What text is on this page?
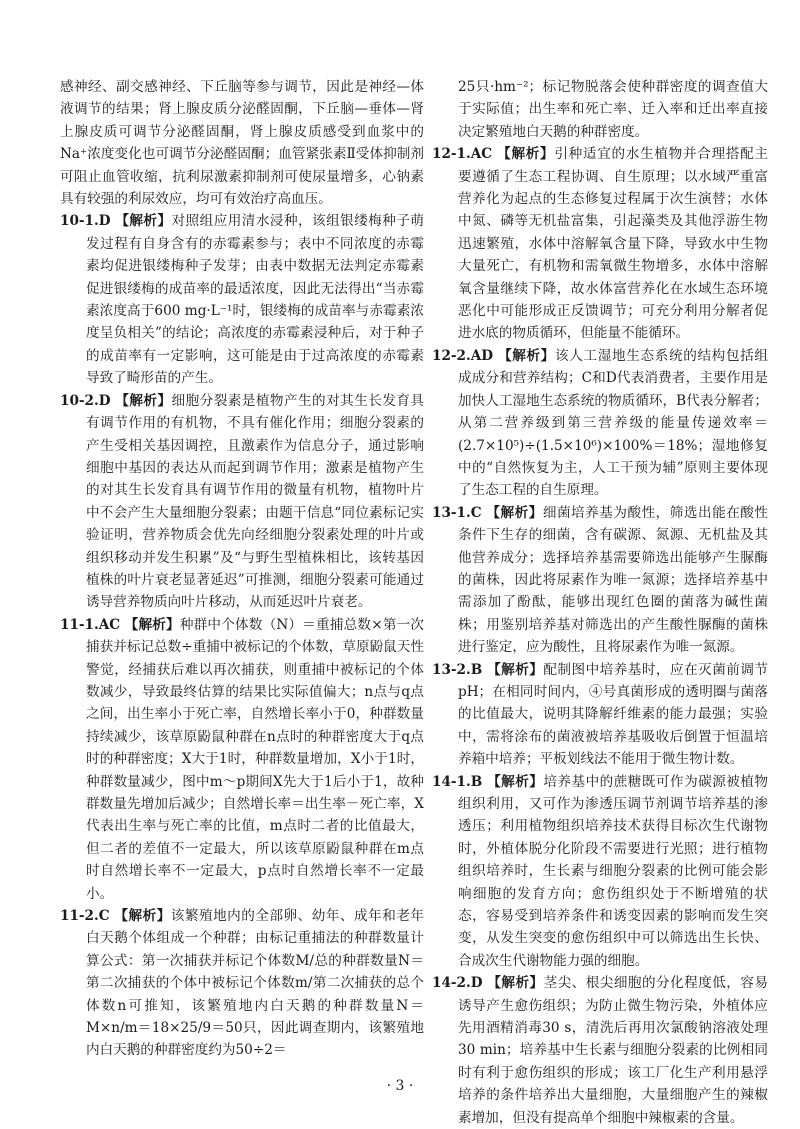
感神经、副交感神经、下丘脑等参与调节，因此是神经—体液调节的结果；肾上腺皮质分泌醛固酮，下丘脑—垂体—肾上腺皮质可调节分泌醛固酮，肾上腺皮质感受到血浆中的Na⁺浓度变化也可调节分泌醛固酮；血管紧张素Ⅱ受体抑制剂可阻止血管收缩，抗利尿激素抑制剂可使尿量增多，心钠素具有较强的利尿效应，均可有效治疗高血压。
10-1.D 【解析】对照组应用清水浸种，该组银缕梅种子萌发过程有自身含有的赤霉素参与；表中不同浓度的赤霉素均促进银缕梅种子发芽；由表中数据无法判定赤霉素促进银缕梅的成苗率的最适浓度，因此无法得出“当赤霉素浓度高于600 mg·L⁻¹时，银缕梅的成苗率与赤霉素浓度呈负相关”的结论；高浓度的赤霉素浸种后，对于种子的成苗率有一定影响，这可能是由于过高浓度的赤霉素导致了畸形苗的产生。
10-2.D 【解析】细胞分裂素是植物产生的对其生长发育具有调节作用的有机物，不具有催化作用；细胞分裂素的产生受相关基因调控，且激素作为信息分子，通过影响细胞中基因的表达从而起到调节作用；激素是植物产生的对其生长发育具有调节作用的微量有机物，植物叶片中不会产生大量细胞分裂素；由题干信息“同位素标记实验证明，营养物质会优先向经细胞分裂素处理的叶片或组织移动并发生积累”及“与野生型植株相比，该转基因植株的叶片衰老显著延迟”可推测，细胞分裂素可能通过诱导营养物质向叶片移动，从而延迟叶片衰老。
11-1.AC 【解析】种群中个体数（N）＝重捕总数×第一次捕获并标记总数÷重捕中被标记的个体数，草原鼢鼠天性警觉，经捕获后难以再次捕获，则重捕中被标记的个体数减少，导致最终估算的结果比实际值偏大；n点与q点之间，出生率小于死亡率，自然增长率小于0，种群数量持续减少，该草原鼢鼠种群在n点时的种群密度大于q点时的种群密度；X大于1时，种群数量增加，X小于1时，种群数量减少，图中m～p期间X先大于1后小于1，故种群数量先增加后减少；自然增长率＝出生率－死亡率，X代表出生率与死亡率的比值，m点时二者的比值最大，但二者的差值不一定最大，所以该草原鼢鼠种群在m点时自然增长率不一定最大，p点时自然增长率不一定最小。
11-2.C 【解析】该繁殖地内的全部卵、幼年、成年和老年白天鹅个体组成一个种群；由标记重捕法的种群数量计算公式：第一次捕获并标记个体数M/总的种群数量N＝第二次捕获的个体中被标记个体数m/第二次捕获的总个体数n可推知，该繁殖地内白天鹅的种群数量N＝M×n/m＝18×25/9＝50只，因此调查期内，该繁殖地内白天鹅的种群密度约为50÷2＝
25只·hm⁻²；标记物脱落会使种群密度的调查值大于实际值；出生率和死亡率、迁入率和迁出率直接决定繁殖地白天鹅的种群密度。
12-1.AC 【解析】引种适宜的水生植物并合理搭配主要遵循了生态工程协调、自生原理；以水域严重富营养化为起点的生态修复过程属于次生演替；水体中氮、磷等无机盐富集，引起藻类及其他浮游生物迅速繁殖，水体中溶解氧含量下降，导致水中生物大量死亡，有机物和需氧微生物增多，水体中溶解氧含量继续下降，故水体富营养化在水域生态环境恶化中可能形成正反馈调节；可充分利用分解者促进水底的物质循环，但能量不能循环。
12-2.AD 【解析】该人工湿地生态系统的结构包括组成成分和营养结构；C和D代表消费者，主要作用是加快人工湿地生态系统的物质循环，B代表分解者；从第二营养级到第三营养级的能量传递效率＝(2.7×10⁵)÷(1.5×10⁶)×100%＝18%；湿地修复中的“自然恢复为主，人工干预为辅”原则主要体现了生态工程的自生原理。
13-1.C 【解析】细菌培养基为酸性，筛选出能在酸性条件下生存的细菌，含有碳源、氮源、无机盐及其他营养成分；选择培养基需要筛选出能够产生脲酶的菌株，因此将尿素作为唯一氮源；选择培养基中需添加了酚酞，能够出现红色圈的菌落为碱性菌株；用鉴别培养基对筛选出的产生酸性脲酶的菌株进行鉴定，应为酸性，且将尿素作为唯一氮源。
13-2.B 【解析】配制图中培养基时，应在灭菌前调节pH；在相同时间内，④号真菌形成的透明圈与菌落的比值最大，说明其降解纤维素的能力最强；实验中，需将涂布的菌液被培养基吸收后倒置于恒温培养箱中培养；平板划线法不能用于微生物计数。
14-1.B 【解析】培养基中的蔗糖既可作为碳源被植物组织利用，又可作为渗透压调节剂调节培养基的渗透压；利用植物组织培养技术获得目标次生代谢物时，外植体脱分化阶段不需要进行光照；进行植物组织培养时，生长素与细胞分裂素的比例可能会影响细胞的发育方向；愈伤组织处于不断增殖的状态，容易受到培养条件和诱变因素的影响而发生突变，从发生突变的愈伤组织中可以筛选出生长快、合成次生代谢物能力强的细胞。
14-2.D 【解析】茎尖、根尖细胞的分化程度低，容易诱导产生愈伤组织；为防止微生物污染，外植体应先用酒精消毒30 s，清洗后再用次氯酸钠溶液处理30 min；培养基中生长素与细胞分裂素的比例相同时有利于愈伤组织的形成；该工厂化生产利用悬浮培养的条件培养出大量细胞，大量细胞产生的辣椒素增加，但没有提高单个细胞中辣椒素的含量。
· 3 ·
